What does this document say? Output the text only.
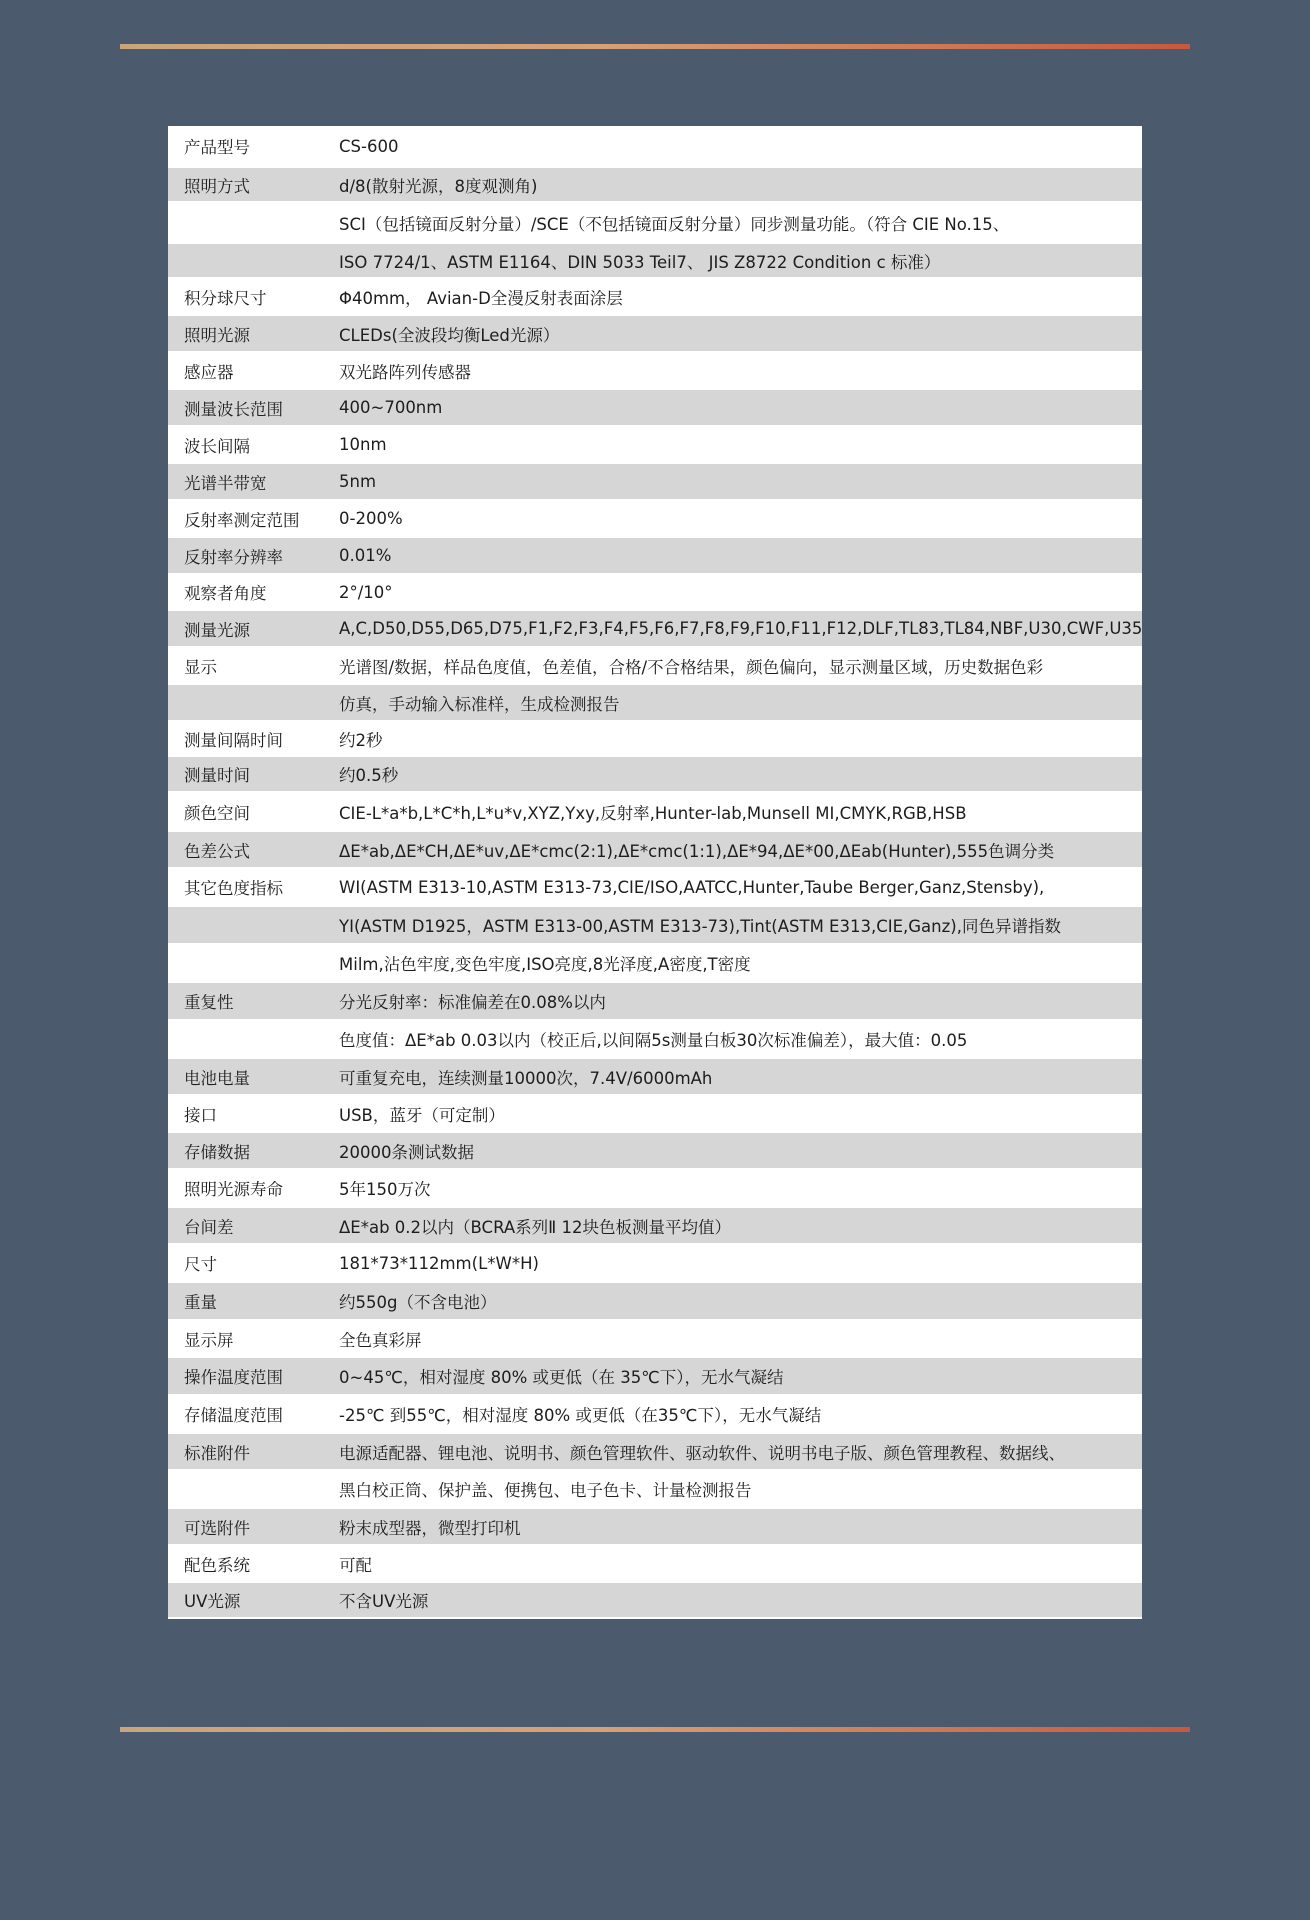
产品型号	CS-600
照明方式	d/8(散射光源，8度观测角)
SCI（包括镜面反射分量）/SCE（不包括镜面反射分量）同步测量功能。（符合 CIE No.15、
ISO 7724/1、ASTM E1164、DIN 5033 Teil7、 JIS Z8722 Condition c 标准）
积分球尺寸	Φ40mm， Avian-D全漫反射表面涂层
照明光源	CLEDs(全波段均衡Led光源）
感应器	双光路阵列传感器
测量波长范围	400~700nm
波长间隔	10nm
光谱半带宽	5nm
反射率测定范围	0-200%
反射率分辨率	0.01%
观察者角度	2°/10°
测量光源	A,C,D50,D55,D65,D75,F1,F2,F3,F4,F5,F6,F7,F8,F9,F10,F11,F12,DLF,TL83,TL84,NBF,U30,CWF,U35
显示	光谱图/数据，样品色度值，色差值，合格/不合格结果，颜色偏向，显示测量区域，历史数据色彩
仿真，手动输入标准样，生成检测报告
测量间隔时间	约2秒
测量时间	约0.5秒
颜色空间	CIE-L*a*b,L*C*h,L*u*v,XYZ,Yxy,反射率,Hunter-lab,Munsell MI,CMYK,RGB,HSB
色差公式	ΔE*ab,ΔE*CH,ΔE*uv,ΔE*cmc(2:1),ΔE*cmc(1:1),ΔE*94,ΔE*00,ΔEab(Hunter),555色调分类
其它色度指标	WI(ASTM E313-10,ASTM E313-73,CIE/ISO,AATCC,Hunter,Taube Berger,Ganz,Stensby),
YI(ASTM D1925，ASTM E313-00,ASTM E313-73),Tint(ASTM E313,CIE,Ganz),同色异谱指数
Milm,沾色牢度,变色牢度,ISO亮度,8光泽度,A密度,T密度
重复性	分光反射率：标准偏差在0.08%以内
色度值：ΔE*ab 0.03以内（校正后,以间隔5s测量白板30次标准偏差），最大值：0.05
电池电量	可重复充电，连续测量10000次，7.4V/6000mAh
接口	USB，蓝牙（可定制）
存储数据	20000条测试数据
照明光源寿命	5年150万次
台间差	ΔE*ab 0.2以内（BCRA系列Ⅱ 12块色板测量平均值）
尺寸	181*73*112mm(L*W*H)
重量	约550g（不含电池）
显示屏	全色真彩屏
操作温度范围	0~45℃，相对湿度 80% 或更低（在 35℃下），无水气凝结
存储温度范围	-25℃ 到55℃，相对湿度 80% 或更低（在35℃下），无水气凝结
标准附件	电源适配器、锂电池、说明书、颜色管理软件、驱动软件、说明书电子版、颜色管理教程、数据线、
黑白校正筒、保护盖、便携包、电子色卡、计量检测报告
可选附件	粉末成型器，微型打印机
配色系统	可配
UV光源	不含UV光源
